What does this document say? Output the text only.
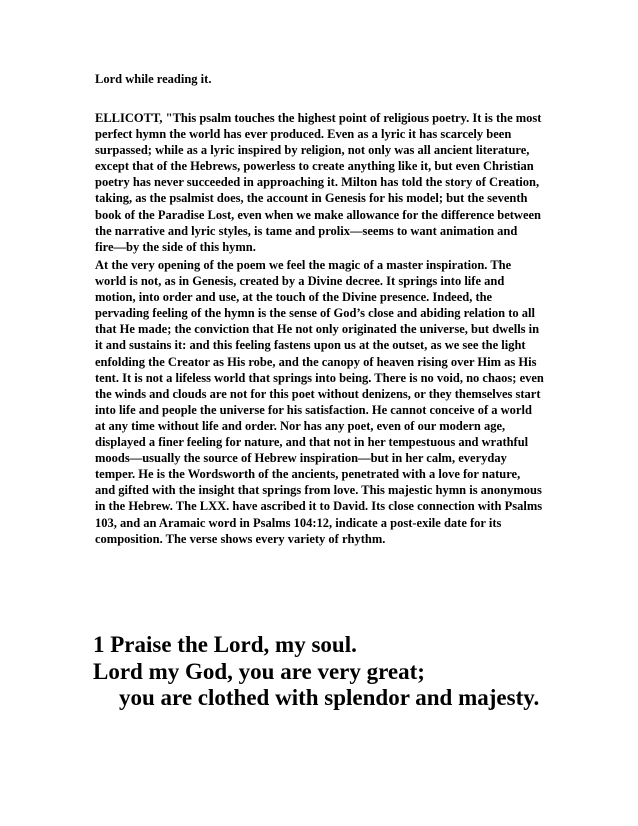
Lord while reading it.

ELLICOTT, "This psalm touches the highest point of religious poetry. It is the most
perfect hymn the world has ever produced. Even as a lyric it has scarcely been
surpassed; while as a lyric inspired by religion, not only was all ancient literature,
except that of the Hebrews, powerless to create anything like it, but even Christian
poetry has never succeeded in approaching it. Milton has told the story of Creation,
taking, as the psalmist does, the account in Genesis for his model; but the seventh
book of the Paradise Lost, even when we make allowance for the difference between
the narrative and lyric styles, is tame and prolix—seems to want animation and
fire—by the side of this hymn.

At the very opening of the poem we feel the magic of a master inspiration. The
world is not, as in Genesis, created by a Divine decree. It springs into life and
motion, into order and use, at the touch of the Divine presence. Indeed, the
pervading feeling of the hymn is the sense of God’s close and abiding relation to all
that He made; the conviction that He not only originated the universe, but dwells in
it and sustains it: and this feeling fastens upon us at the outset, as we see the light
enfolding the Creator as His robe, and the canopy of heaven rising over Him as His
tent. It is not a lifeless world that springs into being. There is no void, no chaos; even
the winds and clouds are not for this poet without denizens, or they themselves start
into life and people the universe for his satisfaction. He cannot conceive of a world
at any time without life and order. Nor has any poet, even of our modern age,
displayed a finer feeling for nature, and that not in her tempestuous and wrathful
moods—usually the source of Hebrew inspiration—but in her calm, everyday
temper. He is the Wordsworth of the ancients, penetrated with a love for nature,
and gifted with the insight that springs from love. This majestic hymn is anonymous
in the Hebrew. The LXX. have ascribed it to David. Its close connection with Psalms
103, and an Aramaic word in Psalms 104:12, indicate a post-exile date for its
composition. The verse shows every variety of rhythm.

1 Praise the Lord, my soul.

Lord my God, you are very great;

you are clothed with splendor and majesty.
